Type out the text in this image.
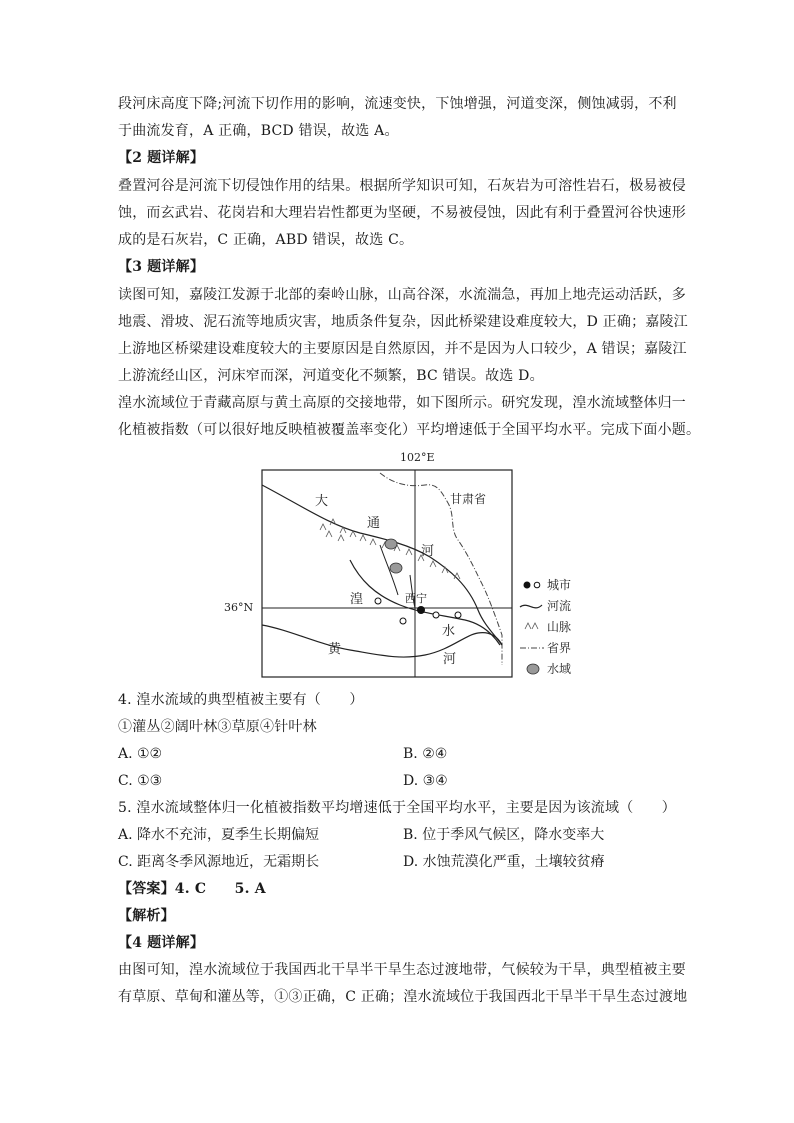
段河床高度下降;河流下切作用的影响，流速变快，下蚀增强，河道变深，侧蚀减弱，不利
于曲流发育，A 正确，BCD 错误，故选 A。
【2 题详解】
叠置河谷是河流下切侵蚀作用的结果。根据所学知识可知，石灰岩为可溶性岩石，极易被侵
蚀，而玄武岩、花岗岩和大理岩岩性都更为坚硬，不易被侵蚀，因此有利于叠置河谷快速形
成的是石灰岩，C 正确，ABD 错误，故选 C。
【3 题详解】
读图可知，嘉陵江发源于北部的秦岭山脉，山高谷深，水流湍急，再加上地壳运动活跃，多
地震、滑坡、泥石流等地质灾害，地质条件复杂，因此桥梁建设难度较大，D 正确；嘉陵江
上游地区桥梁建设难度较大的主要原因是自然原因，并不是因为人口较少，A 错误；嘉陵江
上游流经山区，河床窄而深，河道变化不频繁，BC 错误。故选 D。
湟水流域位于青藏高原与黄土高原的交接地带，如下图所示。研究发现，湟水流域整体归一
化植被指数（可以很好地反映植被覆盖率变化）平均增速低于全国平均水平。完成下面小题。
102°E
36°N
大
通
河
甘肃省
湟	西宁
水
黄
河
城市
河流
山脉
省界
水域
4. 湟水流域的典型植被主要有（　　）
①灌丛②阔叶林③草原④针叶林
A. ①②	B. ②④
C. ①③	D. ③④
5. 湟水流域整体归一化植被指数平均增速低于全国平均水平，主要是因为该流域（　　）
A. 降水不充沛，夏季生长期偏短	B. 位于季风气候区，降水变率大
C. 距离冬季风源地近，无霜期长	D. 水蚀荒漠化严重，土壤较贫瘠
【答案】4. C　　5. A
【解析】
【4 题详解】
由图可知，湟水流域位于我国西北干旱半干旱生态过渡地带，气候较为干旱，典型植被主要
有草原、草甸和灌丛等，①③正确，C 正确；湟水流域位于我国西北干旱半干旱生态过渡地
